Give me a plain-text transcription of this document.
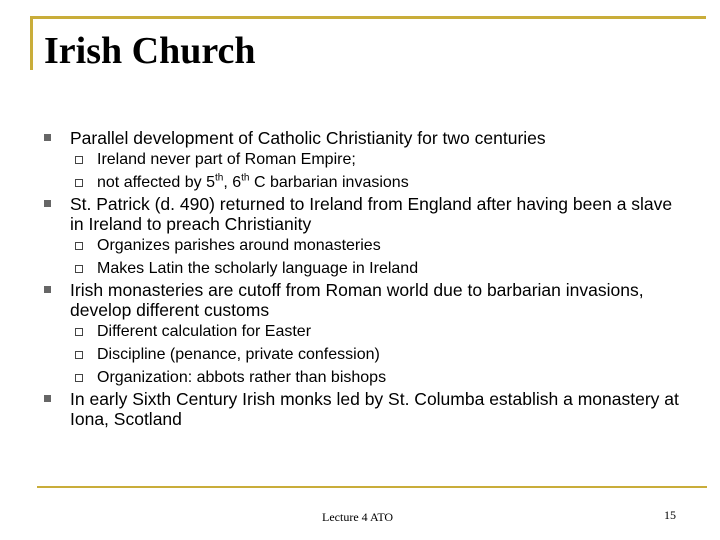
Irish Church
Parallel development of Catholic Christianity for two centuries
Ireland never part of Roman Empire;
not affected by 5th, 6th C barbarian invasions
St. Patrick (d. 490) returned to Ireland from England after having been a slave in Ireland to preach Christianity
Organizes parishes around monasteries
Makes Latin the scholarly language in Ireland
Irish monasteries are cutoff from Roman world due to barbarian invasions, develop different customs
Different calculation for Easter
Discipline (penance, private confession)
Organization: abbots rather than bishops
In early Sixth Century Irish monks led by St. Columba establish a monastery at Iona, Scotland
Lecture 4 ATO	15
